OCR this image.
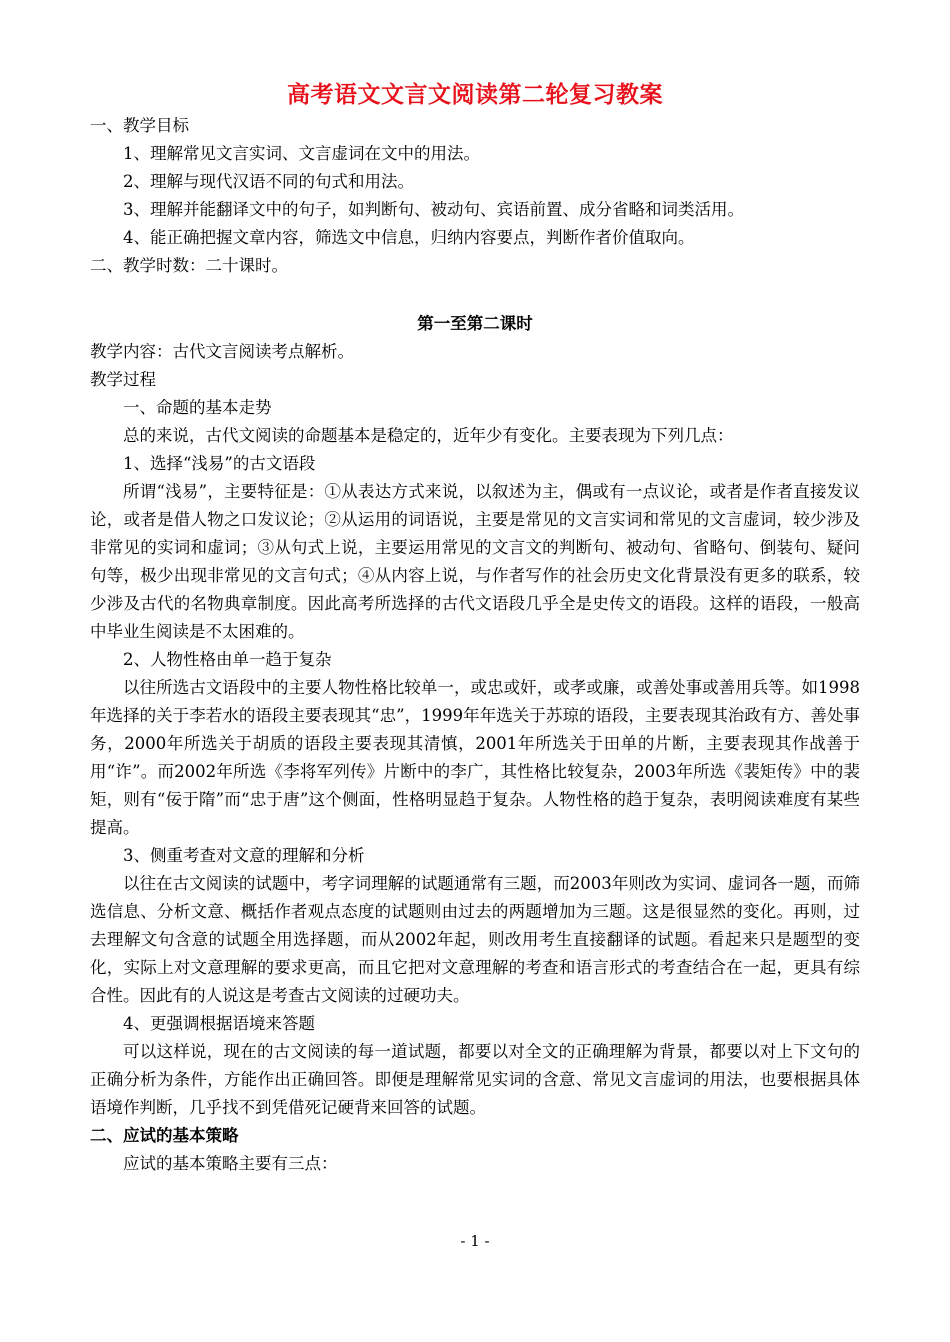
高考语文文言文阅读第二轮复习教案

一、教学目标

1、理解常见文言实词、文言虚词在文中的用法。

2、理解与现代汉语不同的句式和用法。

3、理解并能翻译文中的句子，如判断句、被动句、宾语前置、成分省略和词类活用。

4、能正确把握文章内容，筛选文中信息，归纳内容要点，判断作者价值取向。

二、教学时数：二十课时。

第一至第二课时

教学内容：古代文言阅读考点解析。

教学过程

一、命题的基本走势

总的来说，古代文阅读的命题基本是稳定的，近年少有变化。主要表现为下列几点：

1、选择“浅易”的古文语段

所谓“浅易”，主要特征是：①从表达方式来说，以叙述为主，偶或有一点议论，或者是作者直接发议论，或者是借人物之口发议论；②从运用的词语说，主要是常见的文言实词和常见的文言虚词，较少涉及非常见的实词和虚词；③从句式上说，主要运用常见的文言文的判断句、被动句、省略句、倒装句、疑问句等，极少出现非常见的文言句式；④从内容上说，与作者写作的社会历史文化背景没有更多的联系，较少涉及古代的名物典章制度。因此高考所选择的古代文语段几乎全是史传文的语段。这样的语段，一般高中毕业生阅读是不太困难的。

2、人物性格由单一趋于复杂

以往所选古文语段中的主要人物性格比较单一，或忠或奸，或孝或廉，或善处事或善用兵等。如1998年选择的关于李若水的语段主要表现其“忠”，1999年年选关于苏琼的语段，主要表现其治政有方、善处事务，2000年所选关于胡质的语段主要表现其清慎，2001年所选关于田单的片断，主要表现其作战善于用“诈”。而2002年所选《李将军列传》片断中的李广，其性格比较复杂，2003年所选《裴矩传》中的裴矩，则有“佞于隋”而“忠于唐”这个侧面，性格明显趋于复杂。人物性格的趋于复杂，表明阅读难度有某些提高。

3、侧重考查对文意的理解和分析

以往在古文阅读的试题中，考字词理解的试题通常有三题，而2003年则改为实词、虚词各一题，而筛选信息、分析文意、概括作者观点态度的试题则由过去的两题增加为三题。这是很显然的变化。再则，过去理解文句含意的试题全用选择题，而从2002年起，则改用考生直接翻译的试题。看起来只是题型的变化，实际上对文意理解的要求更高，而且它把对文意理解的考查和语言形式的考查结合在一起，更具有综合性。因此有的人说这是考查古文阅读的过硬功夫。

4、更强调根据语境来答题

可以这样说，现在的古文阅读的每一道试题，都要以对全文的正确理解为背景，都要以对上下文句的正确分析为条件，方能作出正确回答。即便是理解常见实词的含意、常见文言虚词的用法，也要根据具体语境作判断，几乎找不到凭借死记硬背来回答的试题。

二、应试的基本策略

应试的基本策略主要有三点：

- 1 -
